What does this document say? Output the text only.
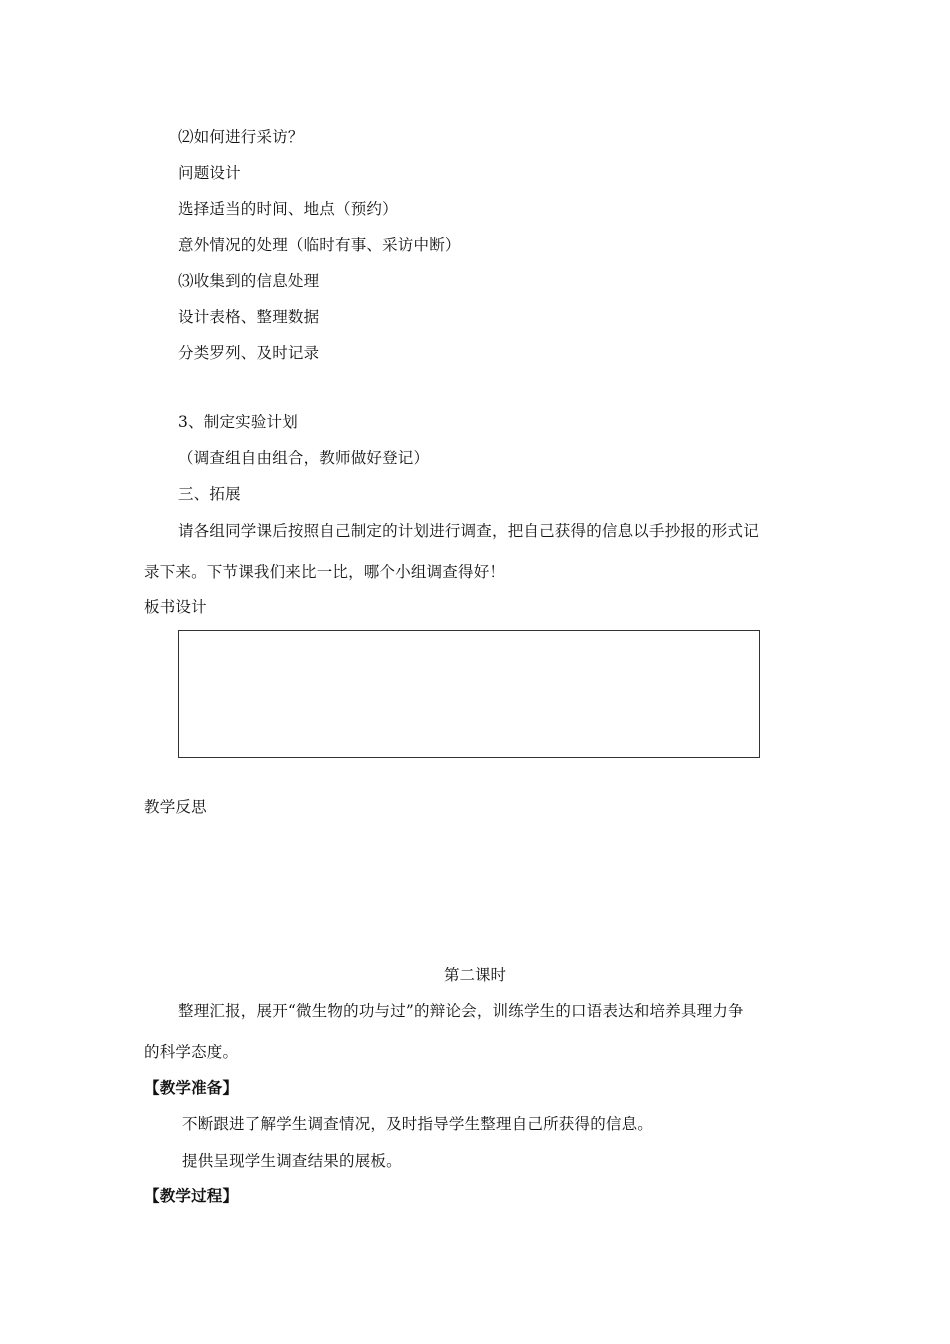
⑵如何进行采访？
问题设计
选择适当的时间、地点（预约）
意外情况的处理（临时有事、采访中断）
⑶收集到的信息处理
设计表格、整理数据
分类罗列、及时记录
3、制定实验计划
（调查组自由组合，教师做好登记）
三、拓展
请各组同学课后按照自己制定的计划进行调查，把自己获得的信息以手抄报的形式记
录下来。下节课我们来比一比，哪个小组调查得好！
板书设计
教学反思
第二课时
整理汇报，展开“微生物的功与过”的辩论会，训练学生的口语表达和培养具理力争
的科学态度。
【教学准备】
不断跟进了解学生调查情况，及时指导学生整理自己所获得的信息。
提供呈现学生调查结果的展板。
【教学过程】
